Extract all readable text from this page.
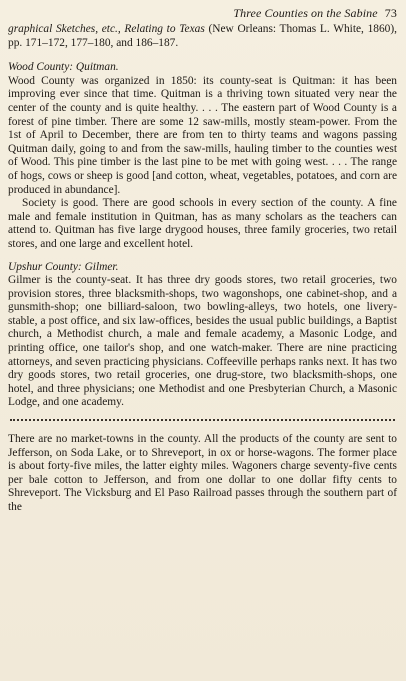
Three Counties on the Sabine 73

graphical Sketches, etc., Relating to Texas (New Orleans: Thomas L. White, 1860), pp. 171–172, 177–180, and 186–187.

Wood County: Quitman.

Wood County was organized in 1850: its county-seat is Quitman: it has been improving ever since that time. Quitman is a thriving town situated very near the center of the county and is quite healthy. . . . The eastern part of Wood County is a forest of pine timber. There are some 12 saw-mills, mostly steam-power. From the 1st of April to December, there are from ten to thirty teams and wagons passing Quitman daily, going to and from the saw-mills, hauling timber to the counties west of Wood. This pine timber is the last pine to be met with going west. . . . The range of hogs, cows or sheep is good [and cotton, wheat, vegetables, potatoes, and corn are produced in abundance].

Society is good. There are good schools in every section of the county. A fine male and female institution in Quitman, has as many scholars as the teachers can attend to. Quitman has five large drygood houses, three family groceries, two retail stores, and one large and excellent hotel.

Upshur County: Gilmer.

Gilmer is the county-seat. It has three dry goods stores, two retail groceries, two provision stores, three blacksmith-shops, two wagonshops, one cabinet-shop, and a gunsmith-shop; one billiard-saloon, two bowling-alleys, two hotels, one livery-stable, a post office, and six law-offices, besides the usual public buildings, a Baptist church, a Methodist church, a male and female academy, a Masonic Lodge, and printing office, one tailor's shop, and one watch-maker. There are nine practicing attorneys, and seven practicing physicians. Coffeeville perhaps ranks next. It has two dry goods stores, two retail groceries, one drug-store, two blacksmith-shops, one hotel, and three physicians; one Methodist and one Presbyterian Church, a Masonic Lodge, and one academy.

There are no market-towns in the county. All the products of the county are sent to Jefferson, on Soda Lake, or to Shreveport, in ox or horse-wagons. The former place is about forty-five miles, the latter eighty miles. Wagoners charge seventy-five cents per bale cotton to Jefferson, and from one dollar to one dollar fifty cents to Shreveport. The Vicksburg and El Paso Railroad passes through the southern part of the
